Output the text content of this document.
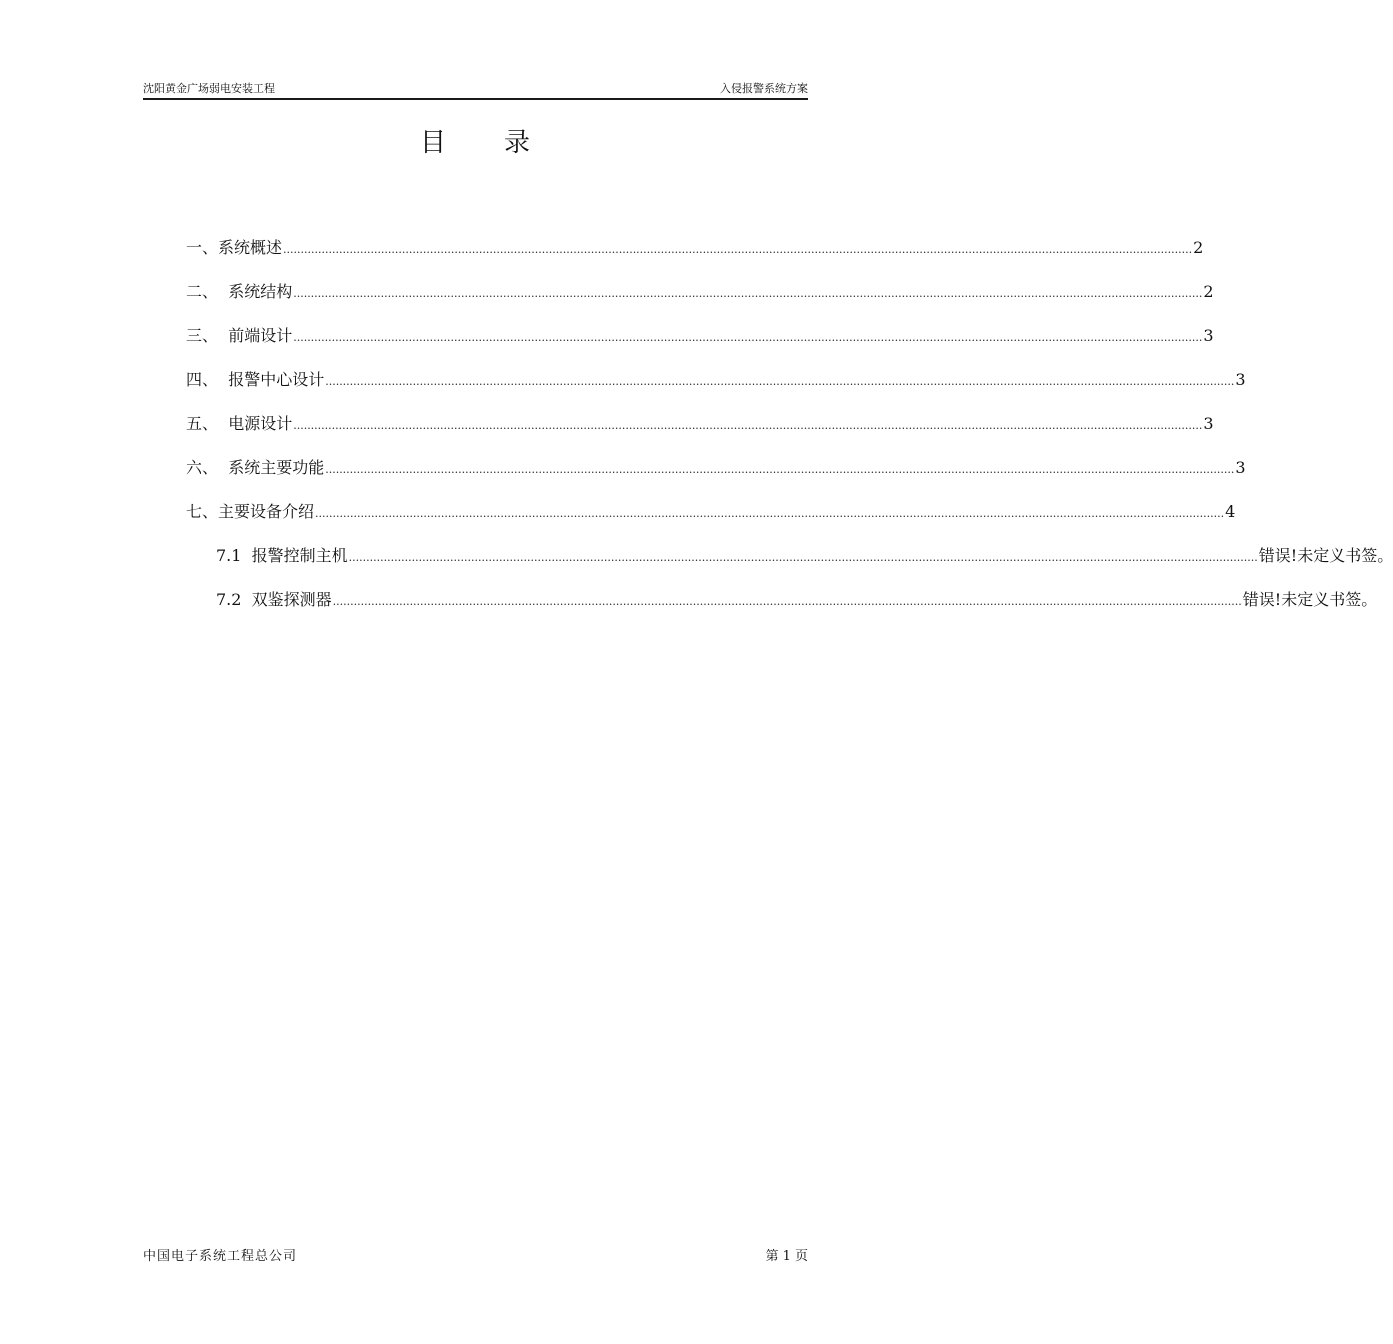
沈阳黄金广场弱电安装工程	入侵报警系统方案
目录
一、 系统概述 .................................................................................................................................................................................................................................................................... 2
二、 系统结构 .................................................................................................................................................................................................................................................................... 2
三、 前端设计 .................................................................................................................................................................................................................................................................... 3
四、 报警中心设计 .................................................................................................................................................................................................................................................................... 3
五、 电源设计 .................................................................................................................................................................................................................................................................... 3
六、 系统主要功能 .................................................................................................................................................................................................................................................................... 3
七、 主要设备介绍 .................................................................................................................................................................................................................................................................... 4
7.1 报警控制主机 .................................................................................................................................................................................................................................................................... 错误!未定义书签。
7.2 双鉴探测器 .................................................................................................................................................................................................................................................................... 错误!未定义书签。
中国电子系统工程总公司	第 1 页
